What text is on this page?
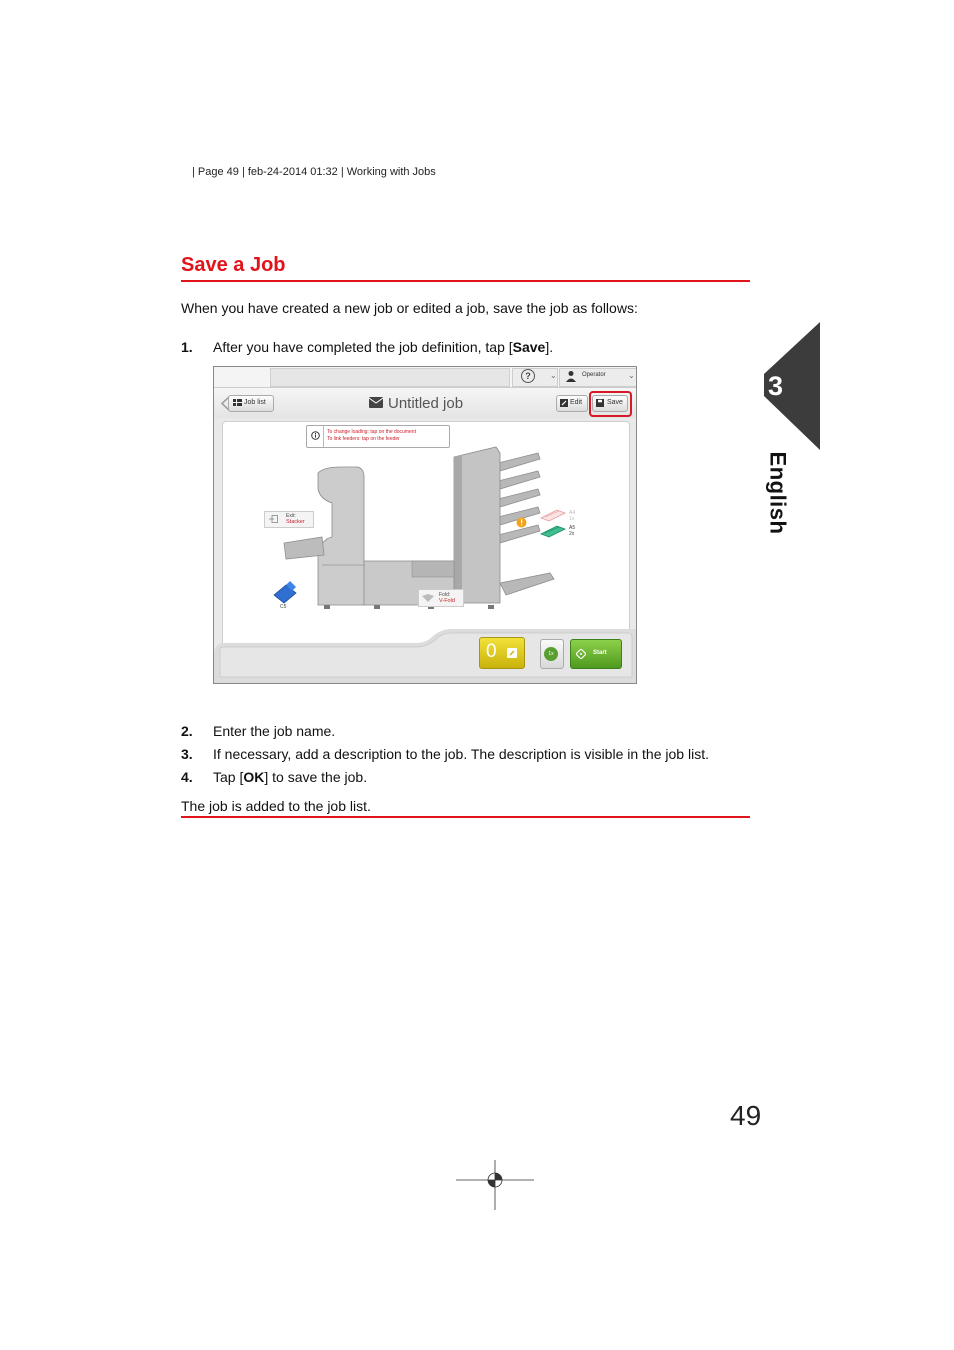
| Page 49 | feb-24-2014 01:32 | Working with Jobs
Save a Job
When you have created a new job or edited a job, save the job as follows:
1. After you have completed the job definition, tap [Save].
?	⌄	Operator	⌄
Job list	Untitled job	Edit	Save
To change loading: tap on the document
To link feeders: tap on the feeder
Exit:
Stacker
C5
Fold:
V-Fold
A4
1x
A5
2x
0	1x	Start
2. Enter the job name.
3. If necessary, add a description to the job. The description is visible in the job list.
4. Tap [OK] to save the job.
The job is added to the job list.
3
English
49
